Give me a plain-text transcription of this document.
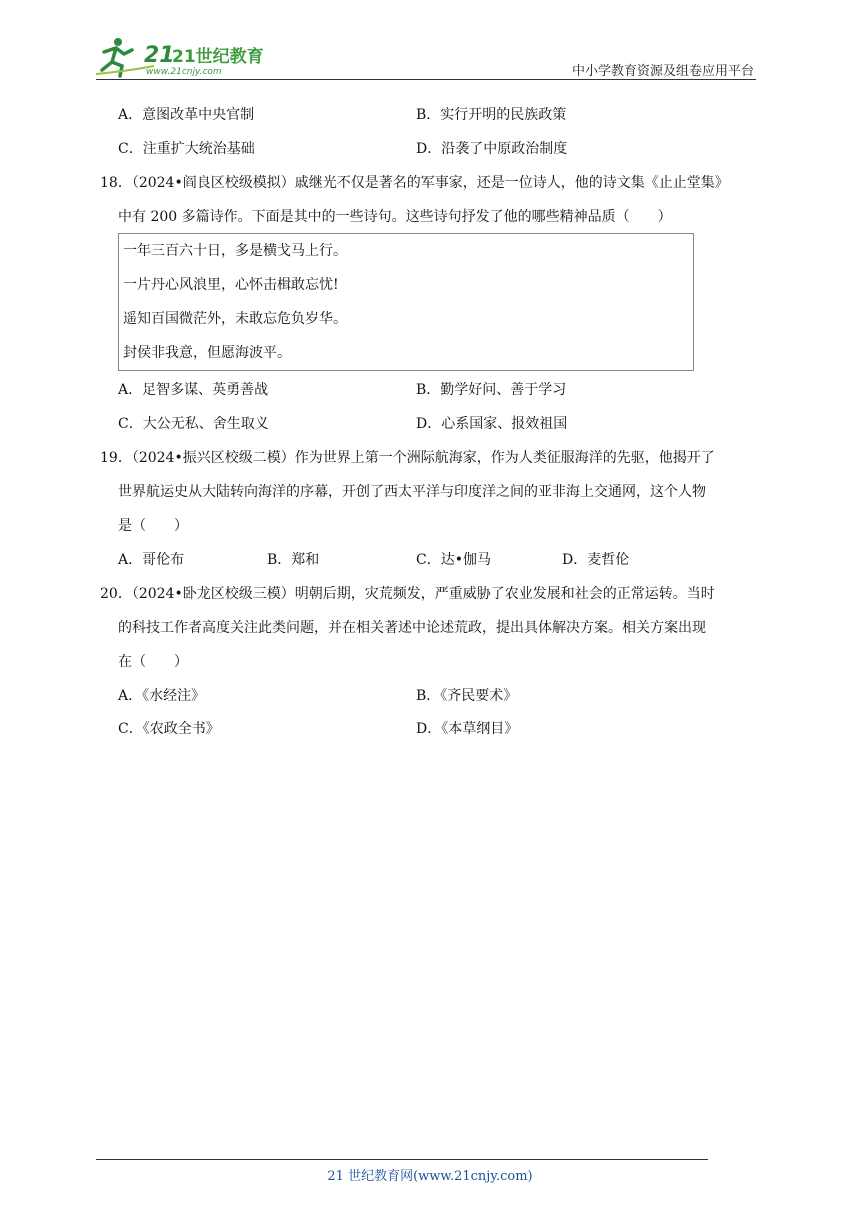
21
21世纪教育
www.21cnjy.com	中小学教育资源及组卷应用平台
A．意图改革中央官制	B．实行开明的民族政策
C．注重扩大统治基础	D．沿袭了中原政治制度
18．（2024•阎良区校级模拟）戚继光不仅是著名的军事家，还是一位诗人，他的诗文集《止止堂集》
中有 200 多篇诗作。下面是其中的一些诗句。这些诗句抒发了他的哪些精神品质（　　）
一年三百六十日，多是横戈马上行。
一片丹心风浪里，心怀击楫敢忘忧!
遥知百国微茫外，未敢忘危负岁华。
封侯非我意，但愿海波平。
A．足智多谋、英勇善战	B．勤学好问、善于学习
C．大公无私、舍生取义	D．心系国家、报效祖国
19．（2024•振兴区校级二模）作为世界上第一个洲际航海家，作为人类征服海洋的先驱，他揭开了
世界航运史从大陆转向海洋的序幕，开创了西太平洋与印度洋之间的亚非海上交通网，这个人物
是（　　）
A．哥伦布	B．郑和	C．达•伽马	D．麦哲伦
20．（2024•卧龙区校级三模）明朝后期，灾荒频发，严重威胁了农业发展和社会的正常运转。当时
的科技工作者高度关注此类问题，并在相关著述中论述荒政，提出具体解决方案。相关方案出现
在（　　）
A．《水经注》	B．《齐民要术》
C．《农政全书》	D．《本草纲目》
21 世纪教育网(www.21cnjy.com)
